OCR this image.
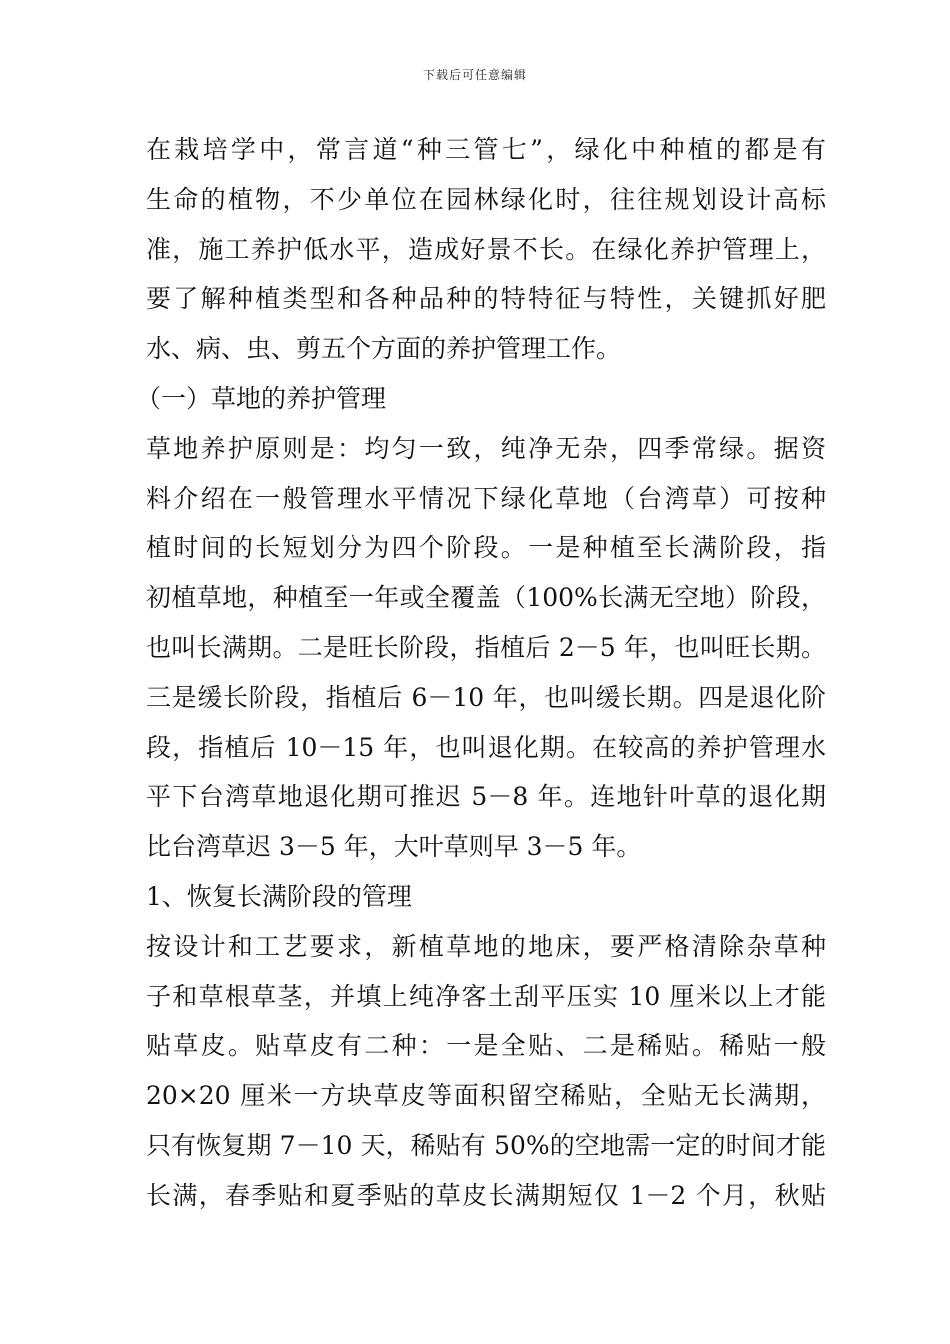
下载后可任意编辑
在栽培学中，常言道“种三管七”，绿化中种植的都是有
生命的植物，不少单位在园林绿化时，往往规划设计高标
准，施工养护低水平，造成好景不长。在绿化养护管理上，
要了解种植类型和各种品种的特特征与特性，关键抓好肥
水、病、虫、剪五个方面的养护管理工作。
（一）草地的养护管理
草地养护原则是：均匀一致，纯净无杂，四季常绿。据资
料介绍在一般管理水平情况下绿化草地（台湾草）可按种
植时间的长短划分为四个阶段。一是种植至长满阶段，指
初植草地，种植至一年或全覆盖（100%长满无空地）阶段，
也叫长满期。二是旺长阶段，指植后 2－5 年，也叫旺长期。
三是缓长阶段，指植后 6－10 年，也叫缓长期。四是退化阶
段，指植后 10－15 年，也叫退化期。在较高的养护管理水
平下台湾草地退化期可推迟 5－8 年。连地针叶草的退化期
比台湾草迟 3－5 年，大叶草则早 3－5 年。
1、恢复长满阶段的管理
按设计和工艺要求，新植草地的地床，要严格清除杂草种
子和草根草茎，并填上纯净客土刮平压实 10 厘米以上才能
贴草皮。贴草皮有二种：一是全贴、二是稀贴。稀贴一般
20×20 厘米一方块草皮等面积留空稀贴，全贴无长满期，
只有恢复期 7－10 天，稀贴有 50%的空地需一定的时间才能
长满，春季贴和夏季贴的草皮长满期短仅 1－2 个月，秋贴
